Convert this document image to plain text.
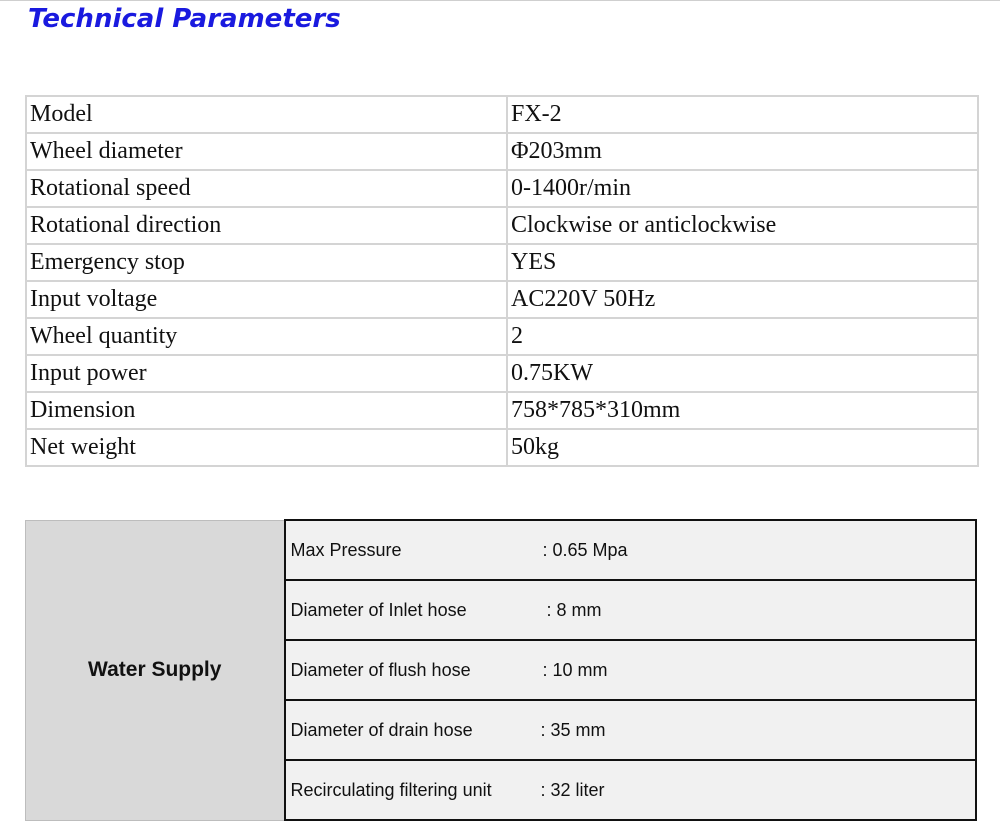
Technical Parameters
Model	FX-2
Wheel diameter	Φ203mm
Rotational speed	0-1400r/min
Rotational direction	Clockwise or anticlockwise
Emergency stop	YES
Input voltage	AC220V 50Hz
Wheel quantity	2
Input power	0.75KW
Dimension	758*785*310mm
Net weight	50kg
Water Supply	Max Pressure	: 0.65 Mpa
Diameter of Inlet hose	: 8 mm
Diameter of flush hose	: 10 mm
Diameter of drain hose	: 35 mm
Recirculating filtering unit	: 32 liter
